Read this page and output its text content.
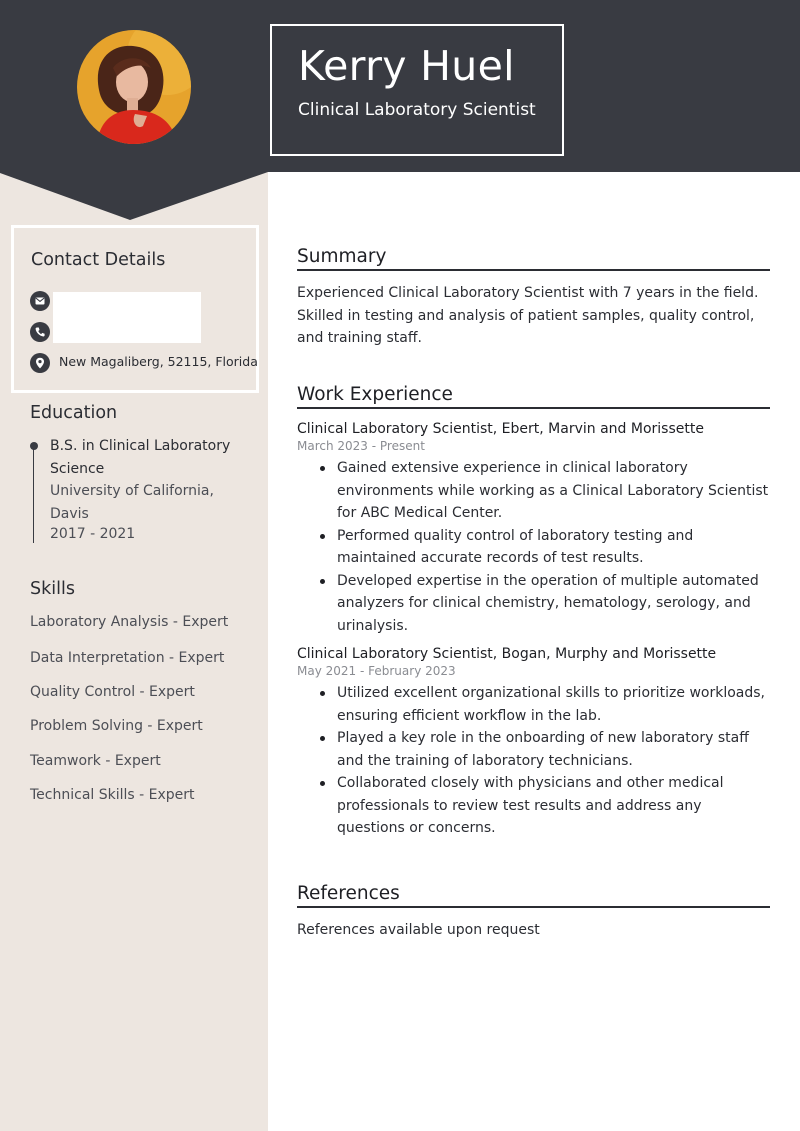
Kerry Huel
Clinical Laboratory Scientist
Contact Details
New Magaliberg, 52115, Florida
Education
B.S. in Clinical Laboratory Science
University of California, Davis
2017 - 2021
Skills
Laboratory Analysis - Expert
Data Interpretation - Expert
Quality Control - Expert
Problem Solving - Expert
Teamwork - Expert
Technical Skills - Expert
Summary
Experienced Clinical Laboratory Scientist with 7 years in the field. Skilled in testing and analysis of patient samples, quality control, and training staff.
Work Experience
Clinical Laboratory Scientist, Ebert, Marvin and Morissette
March 2023 - Present
Gained extensive experience in clinical laboratory environments while working as a Clinical Laboratory Scientist for ABC Medical Center.
Performed quality control of laboratory testing and maintained accurate records of test results.
Developed expertise in the operation of multiple automated analyzers for clinical chemistry, hematology, serology, and urinalysis.
Clinical Laboratory Scientist, Bogan, Murphy and Morissette
May 2021 - February 2023
Utilized excellent organizational skills to prioritize workloads, ensuring efficient workflow in the lab.
Played a key role in the onboarding of new laboratory staff and the training of laboratory technicians.
Collaborated closely with physicians and other medical professionals to review test results and address any questions or concerns.
References
References available upon request
